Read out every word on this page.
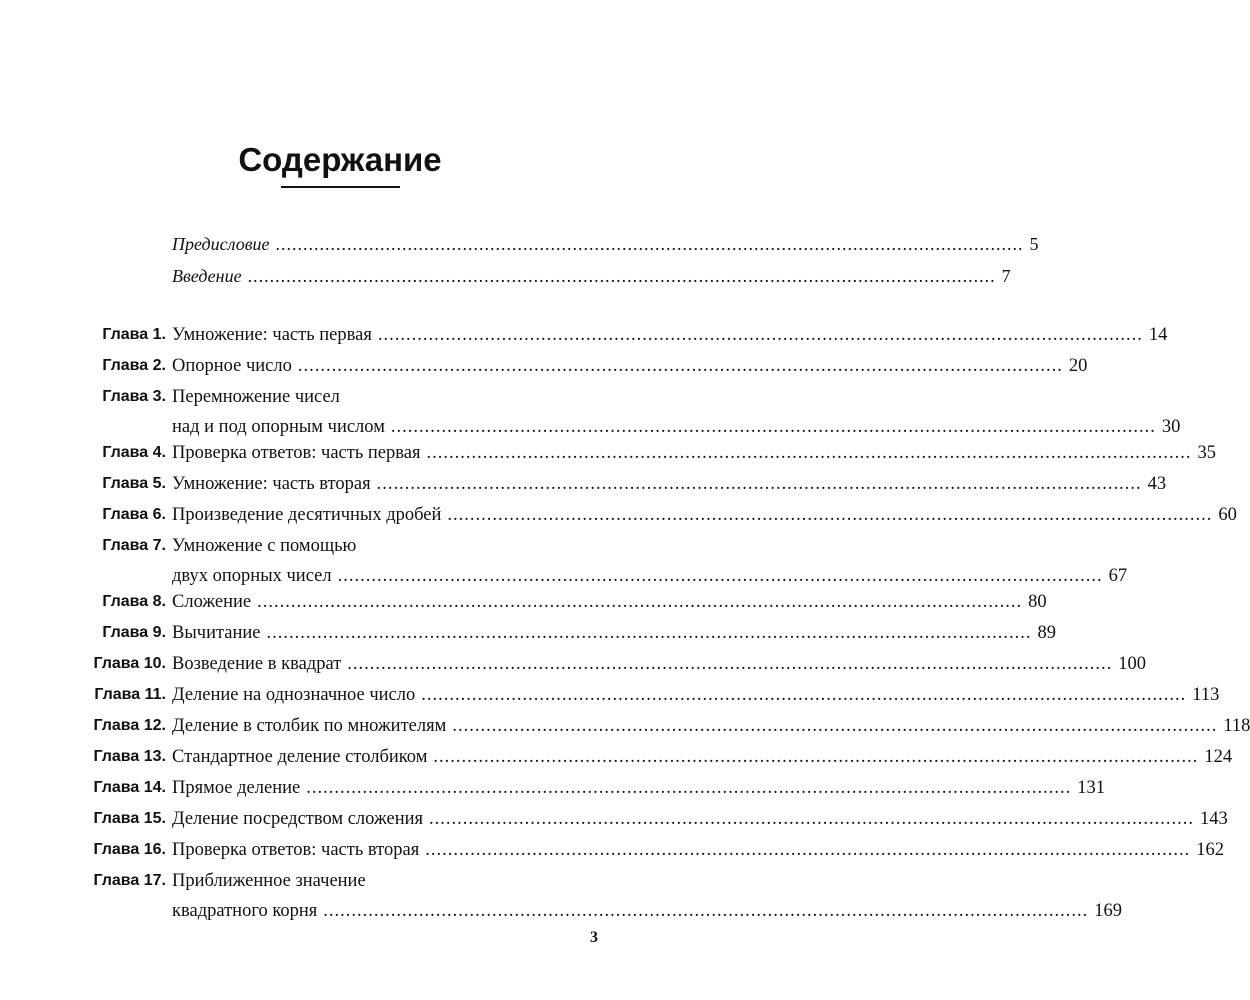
Содержание
Предисловие ........................................................................................................................................ 5
Введение ........................................................................................................................................ 7
Глава 1. Умножение: часть первая ........................................................................................................................................ 14
Глава 2. Опорное число ........................................................................................................................................ 20
Глава 3. Перемножение чисел
над и под опорным числом ........................................................................................................................................ 30
Глава 4. Проверка ответов: часть первая ........................................................................................................................................ 35
Глава 5. Умножение: часть вторая ........................................................................................................................................ 43
Глава 6. Произведение десятичных дробей ........................................................................................................................................ 60
Глава 7. Умножение с помощью
двух опорных чисел ........................................................................................................................................ 67
Глава 8. Сложение ........................................................................................................................................ 80
Глава 9. Вычитание ........................................................................................................................................ 89
Глава 10. Возведение в квадрат ........................................................................................................................................ 100
Глава 11. Деление на однозначное число ........................................................................................................................................ 113
Глава 12. Деление в столбик по множителям ........................................................................................................................................ 118
Глава 13. Стандартное деление столбиком ........................................................................................................................................ 124
Глава 14. Прямое деление ........................................................................................................................................ 131
Глава 15. Деление посредством сложения ........................................................................................................................................ 143
Глава 16. Проверка ответов: часть вторая ........................................................................................................................................ 162
Глава 17. Приближенное значение
квадратного корня ........................................................................................................................................ 169
3
